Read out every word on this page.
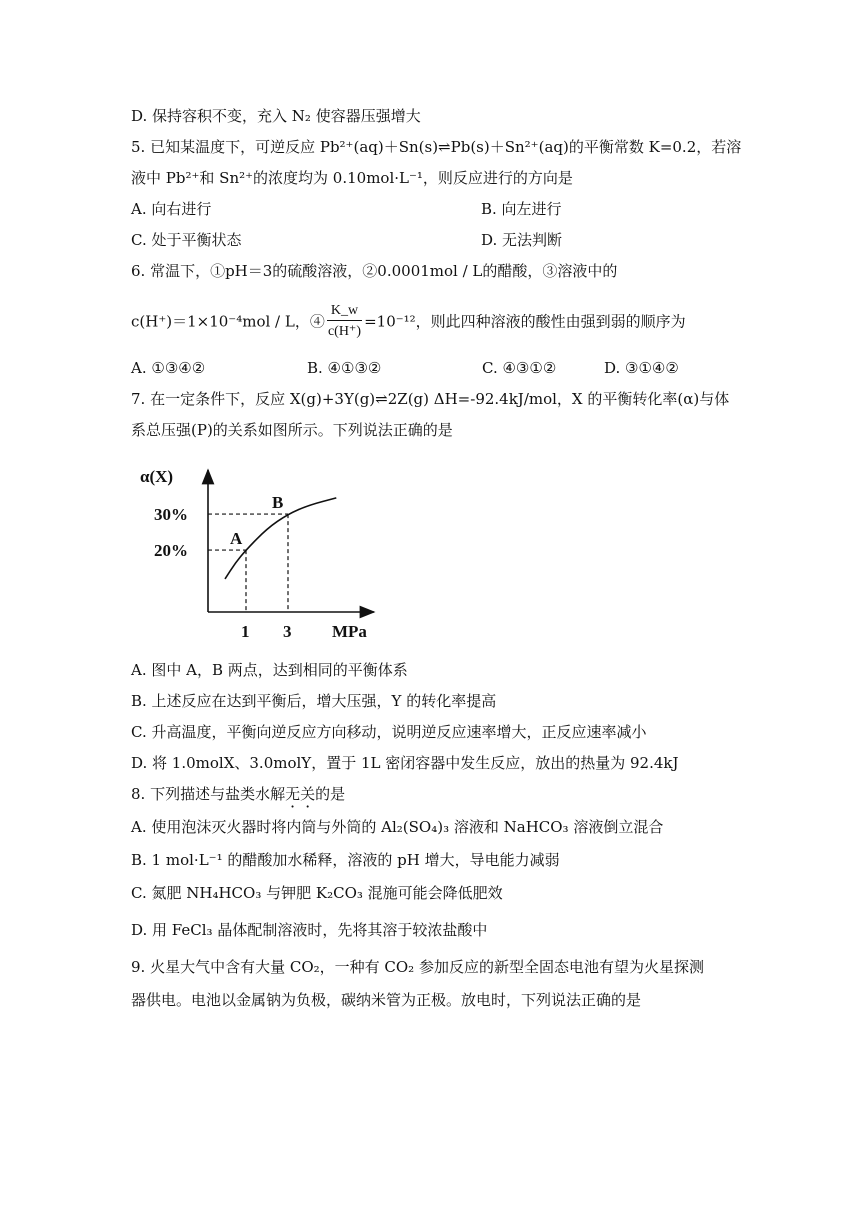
D. 保持容积不变，充入 N₂ 使容器压强增大
5. 已知某温度下，可逆反应 Pb²⁺(aq)＋Sn(s)⇌Pb(s)＋Sn²⁺(aq)的平衡常数 K=0.2，若溶
液中 Pb²⁺和 Sn²⁺的浓度均为 0.10mol·L⁻¹，则反应进行的方向是
A. 向右进行	B. 向左进行
C. 处于平衡状态	D. 无法判断
6. 常温下，①pH＝3的硫酸溶液，②0.0001mol / L的醋酸，③溶液中的
c(H⁺)＝1×10⁻⁴mol / L，④ $\frac{K\_w}{c(H^+)} =10^{-12}$，则此四种溶液的酸性由强到弱的顺序为
A. ①③④②	B. ④①③②	C. ④③①②	D. ③①④②
7. 在一定条件下，反应 X(g)+3Y(g)⇌2Z(g) ΔH=-92.4kJ/mol，X 的平衡转化率(α)与体
系总压强(P)的关系如图所示。下列说法正确的是
A
B
20%
30%
1 3
α(X)
MPa
A. 图中 A，B 两点，达到相同的平衡体系
B. 上述反应在达到平衡后，增大压强，Y 的转化率提高
C. 升高温度，平衡向逆反应方向移动，说明逆反应速率增大，正反应速率减小
D. 将 1.0molX、3.0molY，置于 1L 密闭容器中发生反应，放出的热量为 92.4kJ
8. 下列描述与盐类水解无关的是
A. 使用泡沫灭火器时将内筒与外筒的 Al₂(SO₄)₃ 溶液和 NaHCO₃ 溶液倒立混合
B. 1 mol·L⁻¹ 的醋酸加水稀释，溶液的 pH 增大，导电能力减弱
C. 氮肥 NH₄HCO₃ 与钾肥 K₂CO₃ 混施可能会降低肥效
D. 用 FeCl₃ 晶体配制溶液时，先将其溶于较浓盐酸中
9. 火星大气中含有大量 CO₂，一种有 CO₂ 参加反应的新型全固态电池有望为火星探测
器供电。电池以金属钠为负极，碳纳米管为正极。放电时，下列说法正确的是
